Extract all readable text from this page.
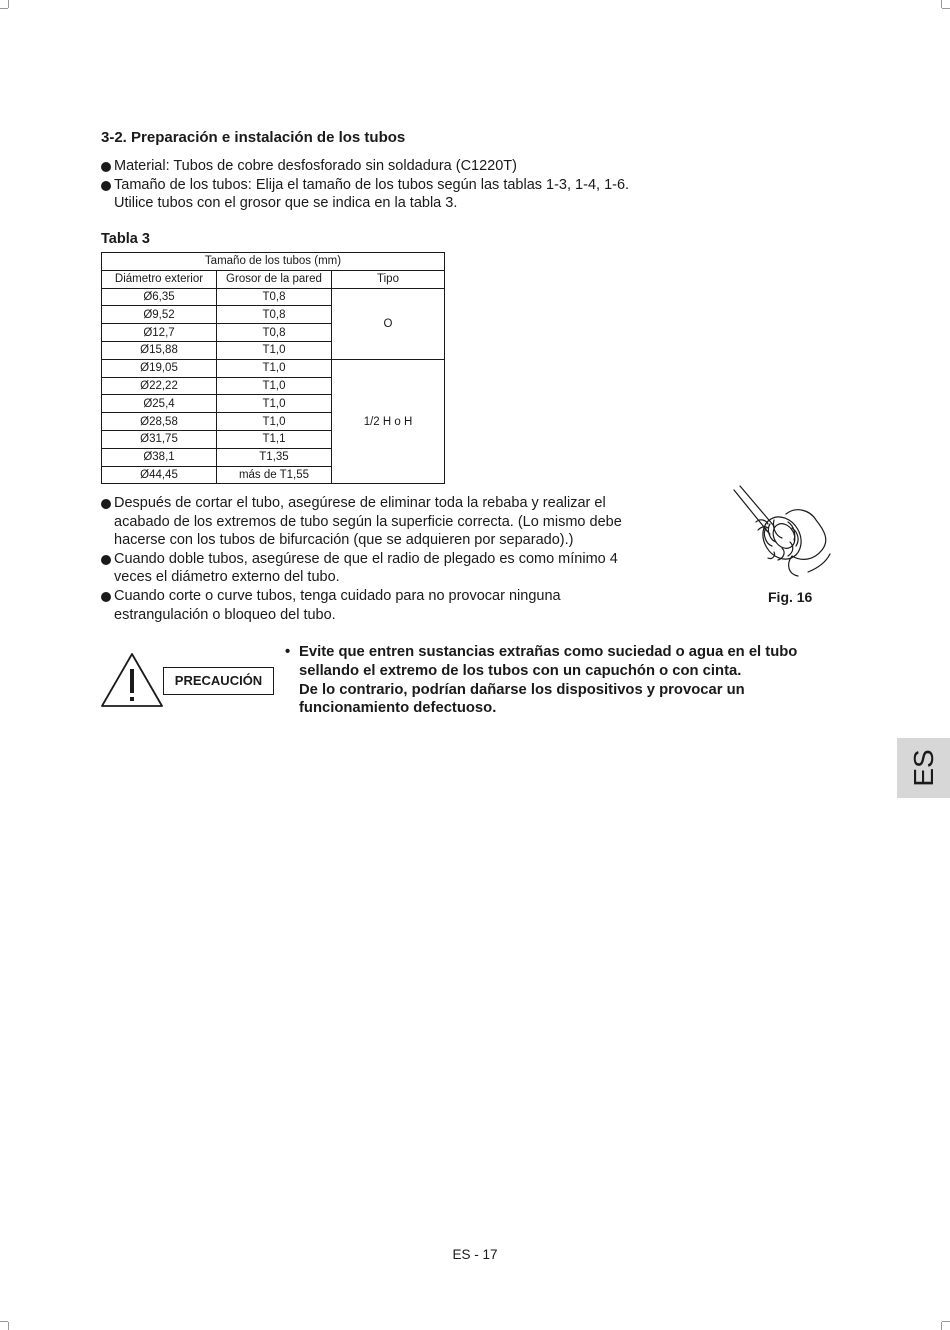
3-2. Preparación e instalación de los tubos
Material: Tubos de cobre desfosforado sin soldadura (C1220T)
Tamaño de los tubos: Elija el tamaño de los tubos según las tablas 1-3, 1-4, 1-6.
Utilice tubos con el grosor que se indica en la tabla 3.
Tabla 3
Tamaño de los tubos (mm)		
Diámetro exterior	Grosor de la pared	Tipo
Ø6,35	T0,8	O
Ø9,52	T0,8	
Ø12,7	T0,8	
Ø15,88	T1,0	
Ø19,05	T1,0	1/2 H o H
Ø22,22	T1,0	
Ø25,4	T1,0	
Ø28,58	T1,0	
Ø31,75	T1,1	
Ø38,1	T1,35	
Ø44,45	más de T1,55	
Después de cortar el tubo, asegúrese de eliminar toda la rebaba y realizar el
acabado de los extremos de tubo según la superficie correcta. (Lo mismo debe
hacerse con los tubos de bifurcación (que se adquieren por separado).)
Cuando doble tubos, asegúrese de que el radio de plegado es como mínimo 4
veces el diámetro externo del tubo.
Cuando corte o curve tubos, tenga cuidado para no provocar ninguna
estrangulación o bloqueo del tubo.
Fig. 16
PRECAUCIÓN
• Evite que entren sustancias extrañas como suciedad o agua en el tubo
sellando el extremo de los tubos con un capuchón o con cinta.
De lo contrario, podrían dañarse los dispositivos y provocar un
funcionamiento defectuoso.
ES
ES - 17
